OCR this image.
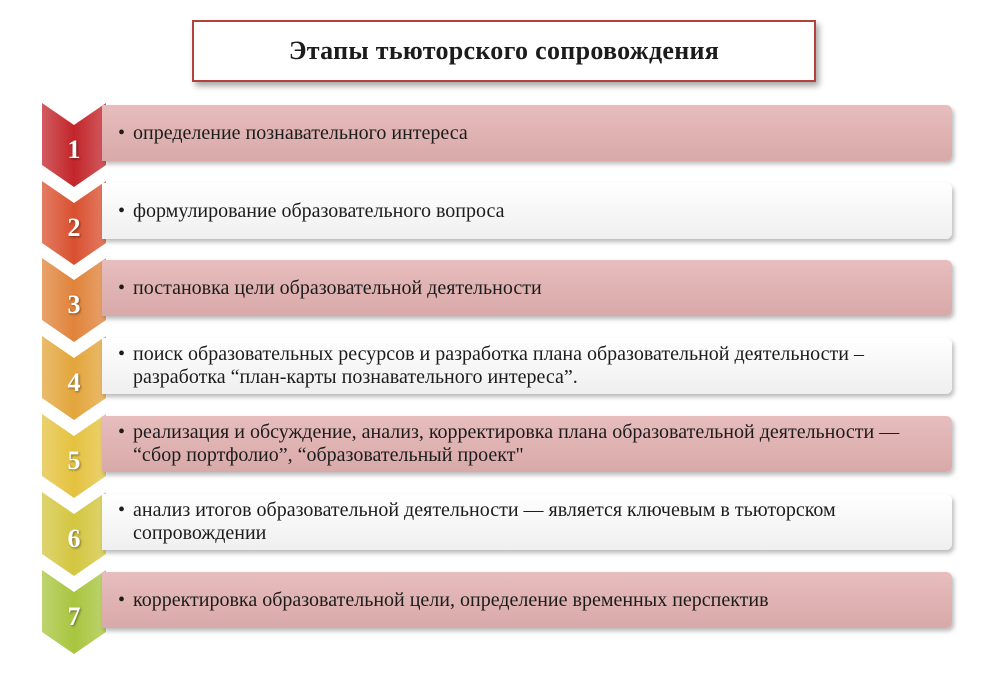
Этапы тьюторского сопровождения
1
• определение познавательного интереса
2
• формулирование образовательного вопроса
3
• постановка цели образовательной деятельности
4
• поиск образовательных ресурсов и разработка плана образовательной деятельности – разработка “план-карты познавательного интереса”.
5
• реализация и обсуждение, анализ, корректировка плана образовательной деятельности — “сбор портфолио”, “образовательный проект"
6
• анализ итогов образовательной деятельности — является ключевым в тьюторском сопровождении
7
• корректировка образовательной цели, определение временных перспектив
